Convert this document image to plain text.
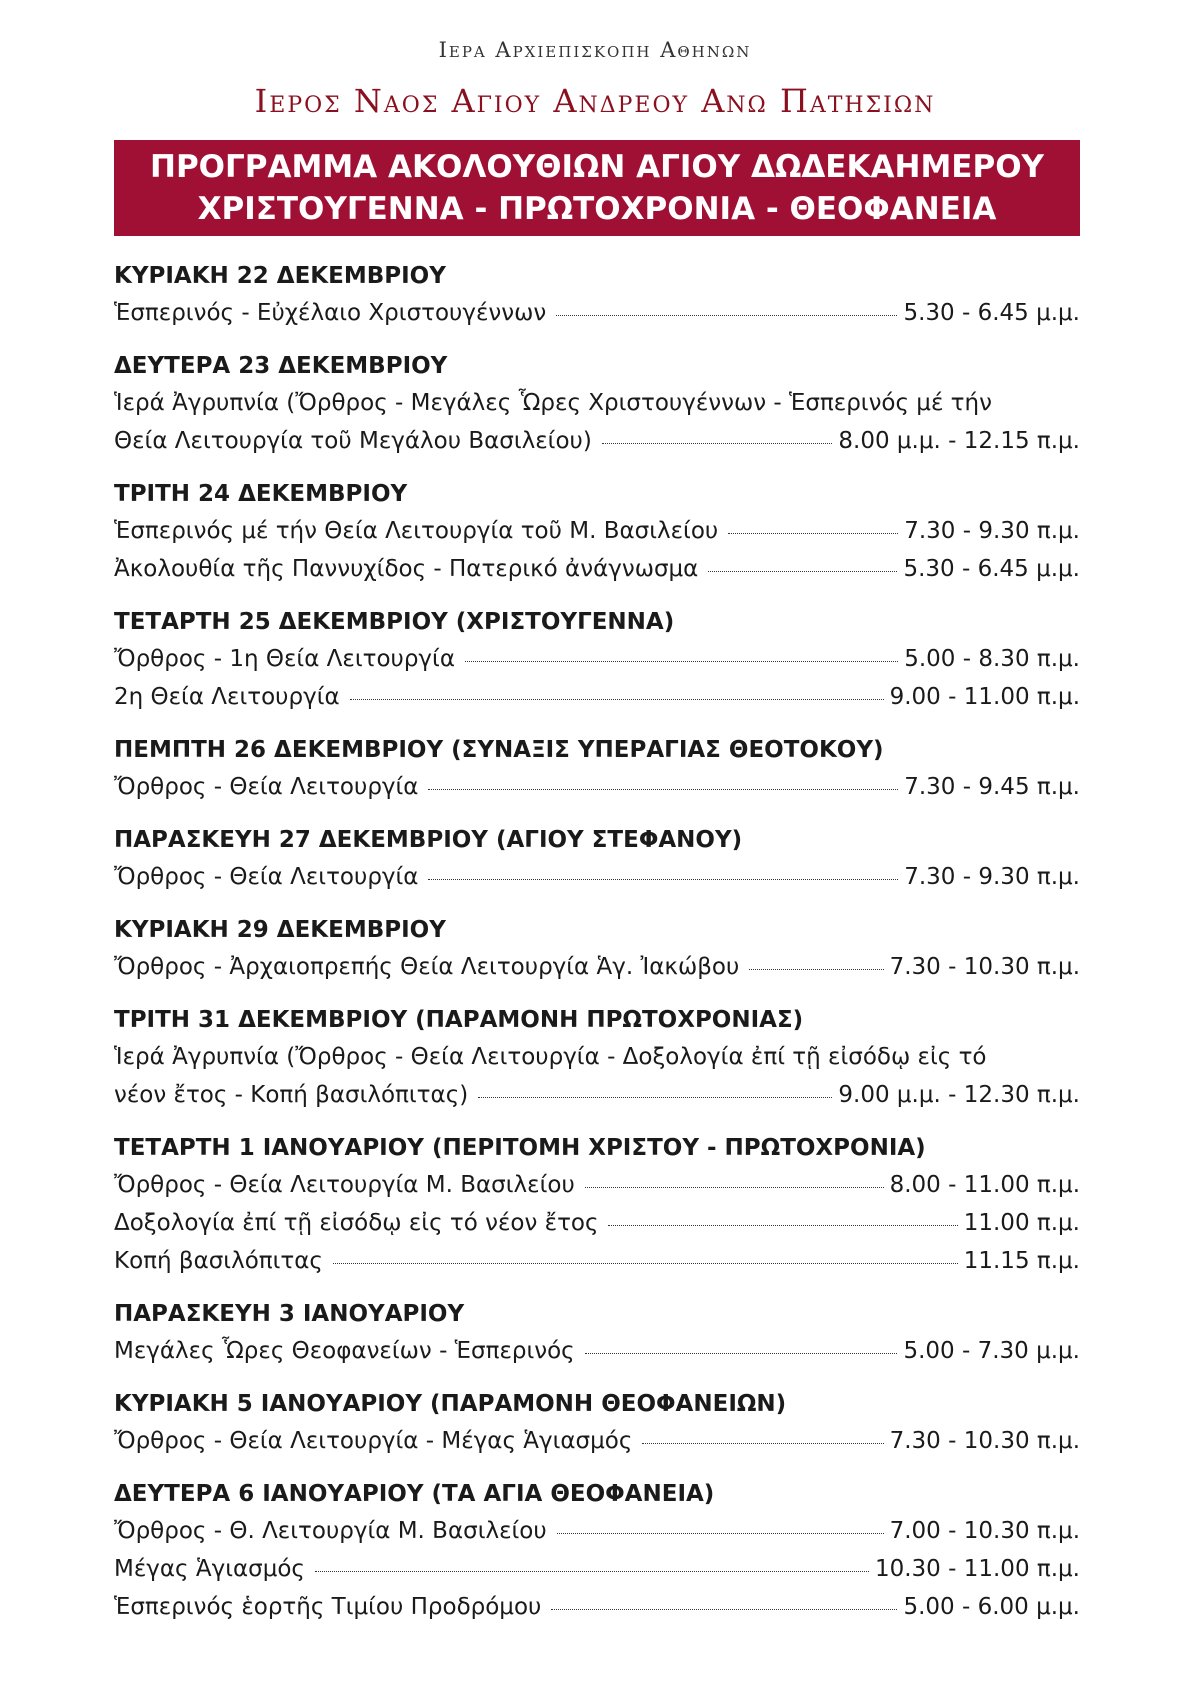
Ιερα Αρχιεπισκοπη Αθηνων
Ιερος Ναος Αγιου Ανδρεου Ανω Πατησιων
ΠΡΟΓΡΑΜΜΑ ΑΚΟΛΟΥΘΙΩΝ ΑΓΙΟΥ ΔΩΔΕΚΑΗΜΕΡΟΥ
ΧΡΙΣΤΟΥΓΕΝΝΑ - ΠΡΩΤΟΧΡΟΝΙΑ - ΘΕΟΦΑΝΕΙΑ
ΚΥΡΙΑΚΗ 22 ΔΕΚΕΜΒΡΙΟΥ
Ἑσπερινός - Εὐχέλαιο Χριστουγέννων	5.30 - 6.45 μ.μ.
ΔΕΥΤΕΡΑ 23 ΔΕΚΕΜΒΡΙΟΥ
Ἱερά Ἀγρυπνία (Ὄρθρος - Μεγάλες Ὧρες Χριστουγέννων - Ἑσπερινός μέ τήν
Θεία Λειτουργία τοῦ Μεγάλου Βασιλείου)	8.00 μ.μ. - 12.15 π.μ.
ΤΡΙΤΗ 24 ΔΕΚΕΜΒΡΙΟΥ
Ἑσπερινός μέ τήν Θεία Λειτουργία τοῦ Μ. Βασιλείου	7.30 - 9.30 π.μ.
Ἀκολουθία τῆς Παννυχίδος - Πατερικό ἀνάγνωσμα	5.30 - 6.45 μ.μ.
ΤΕΤΑΡΤΗ 25 ΔΕΚΕΜΒΡΙΟΥ (ΧΡΙΣΤΟΥΓΕΝΝΑ)
Ὄρθρος - 1η Θεία Λειτουργία	5.00 - 8.30 π.μ.
2η Θεία Λειτουργία	9.00 - 11.00 π.μ.
ΠΕΜΠΤΗ 26 ΔΕΚΕΜΒΡΙΟΥ (ΣΥΝΑΞΙΣ ΥΠΕΡΑΓΙΑΣ ΘΕΟΤΟΚΟΥ)
Ὄρθρος - Θεία Λειτουργία	7.30 - 9.45 π.μ.
ΠΑΡΑΣΚΕΥΗ 27 ΔΕΚΕΜΒΡΙΟΥ (ΑΓΙΟΥ ΣΤΕΦΑΝΟΥ)
Ὄρθρος - Θεία Λειτουργία	7.30 - 9.30 π.μ.
ΚΥΡΙΑΚΗ 29 ΔΕΚΕΜΒΡΙΟΥ
Ὄρθρος - Ἀρχαιοπρεπής Θεία Λειτουργία Ἁγ. Ἰακώβου	7.30 - 10.30 π.μ.
ΤΡΙΤΗ 31 ΔΕΚΕΜΒΡΙΟΥ (ΠΑΡΑΜΟΝΗ ΠΡΩΤΟΧΡΟΝΙΑΣ)
Ἱερά Ἀγρυπνία (Ὄρθρος - Θεία Λειτουργία - Δοξολογία ἐπί τῇ εἰσόδῳ εἰς τό
νέον ἔτος - Κοπή βασιλόπιτας)	9.00 μ.μ. - 12.30 π.μ.
ΤΕΤΑΡΤΗ 1 ΙΑΝΟΥΑΡΙΟΥ (ΠΕΡΙΤΟΜΗ ΧΡΙΣΤΟΥ - ΠΡΩΤΟΧΡΟΝΙΑ)
Ὄρθρος - Θεία Λειτουργία Μ. Βασιλείου	8.00 - 11.00 π.μ.
Δοξολογία ἐπί τῇ εἰσόδῳ εἰς τό νέον ἔτος	11.00 π.μ.
Κοπή βασιλόπιτας	11.15 π.μ.
ΠΑΡΑΣΚΕΥΗ 3 ΙΑΝΟΥΑΡΙΟΥ
Μεγάλες Ὧρες Θεοφανείων - Ἑσπερινός	5.00 - 7.30 μ.μ.
ΚΥΡΙΑΚΗ 5 ΙΑΝΟΥΑΡΙΟΥ (ΠΑΡΑΜΟΝΗ ΘΕΟΦΑΝΕΙΩΝ)
Ὄρθρος - Θεία Λειτουργία - Μέγας Ἁγιασμός	7.30 - 10.30 π.μ.
ΔΕΥΤΕΡΑ 6 ΙΑΝΟΥΑΡΙΟΥ (ΤΑ ΑΓΙΑ ΘΕΟΦΑΝΕΙΑ)
Ὄρθρος - Θ. Λειτουργία Μ. Βασιλείου	7.00 - 10.30 π.μ.
Μέγας Ἁγιασμός	10.30 - 11.00 π.μ.
Ἑσπερινός ἑορτῆς Τιμίου Προδρόμου	5.00 - 6.00 μ.μ.
